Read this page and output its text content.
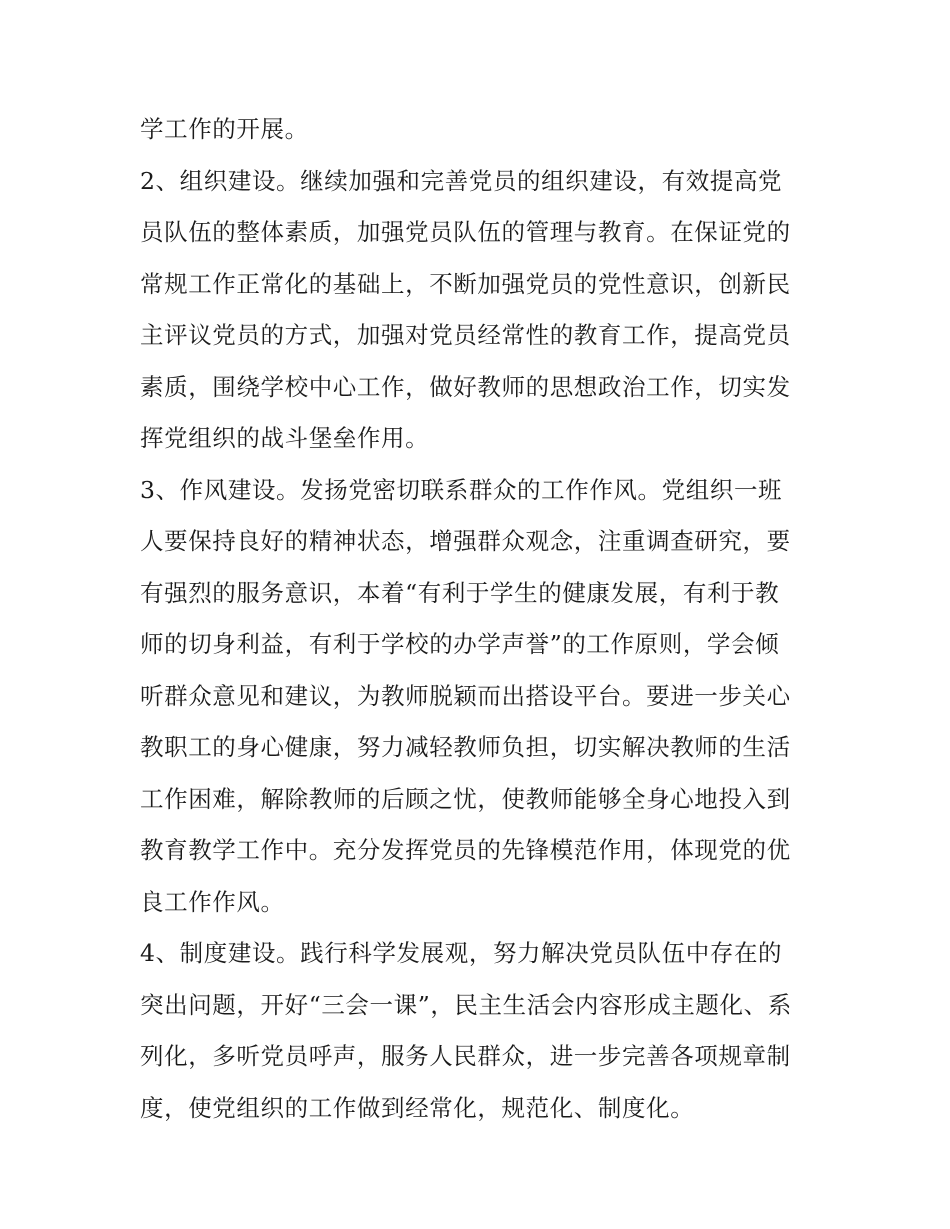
学工作的开展。
2、组织建设。继续加强和完善党员的组织建设，有效提高党
员队伍的整体素质，加强党员队伍的管理与教育。在保证党的
常规工作正常化的基础上，不断加强党员的党性意识，创新民
主评议党员的方式，加强对党员经常性的教育工作，提高党员
素质，围绕学校中心工作，做好教师的思想政治工作，切实发
挥党组织的战斗堡垒作用。
3、作风建设。发扬党密切联系群众的工作作风。党组织一班
人要保持良好的精神状态，增强群众观念，注重调查研究，要
有强烈的服务意识，本着“有利于学生的健康发展，有利于教
师的切身利益，有利于学校的办学声誉”的工作原则，学会倾
听群众意见和建议，为教师脱颖而出搭设平台。要进一步关心
教职工的身心健康，努力减轻教师负担，切实解决教师的生活
工作困难，解除教师的后顾之忧，使教师能够全身心地投入到
教育教学工作中。充分发挥党员的先锋模范作用，体现党的优
良工作作风。
4、制度建设。践行科学发展观，努力解决党员队伍中存在的
突出问题，开好“三会一课”，民主生活会内容形成主题化、系
列化，多听党员呼声，服务人民群众，进一步完善各项规章制
度，使党组织的工作做到经常化，规范化、制度化。
